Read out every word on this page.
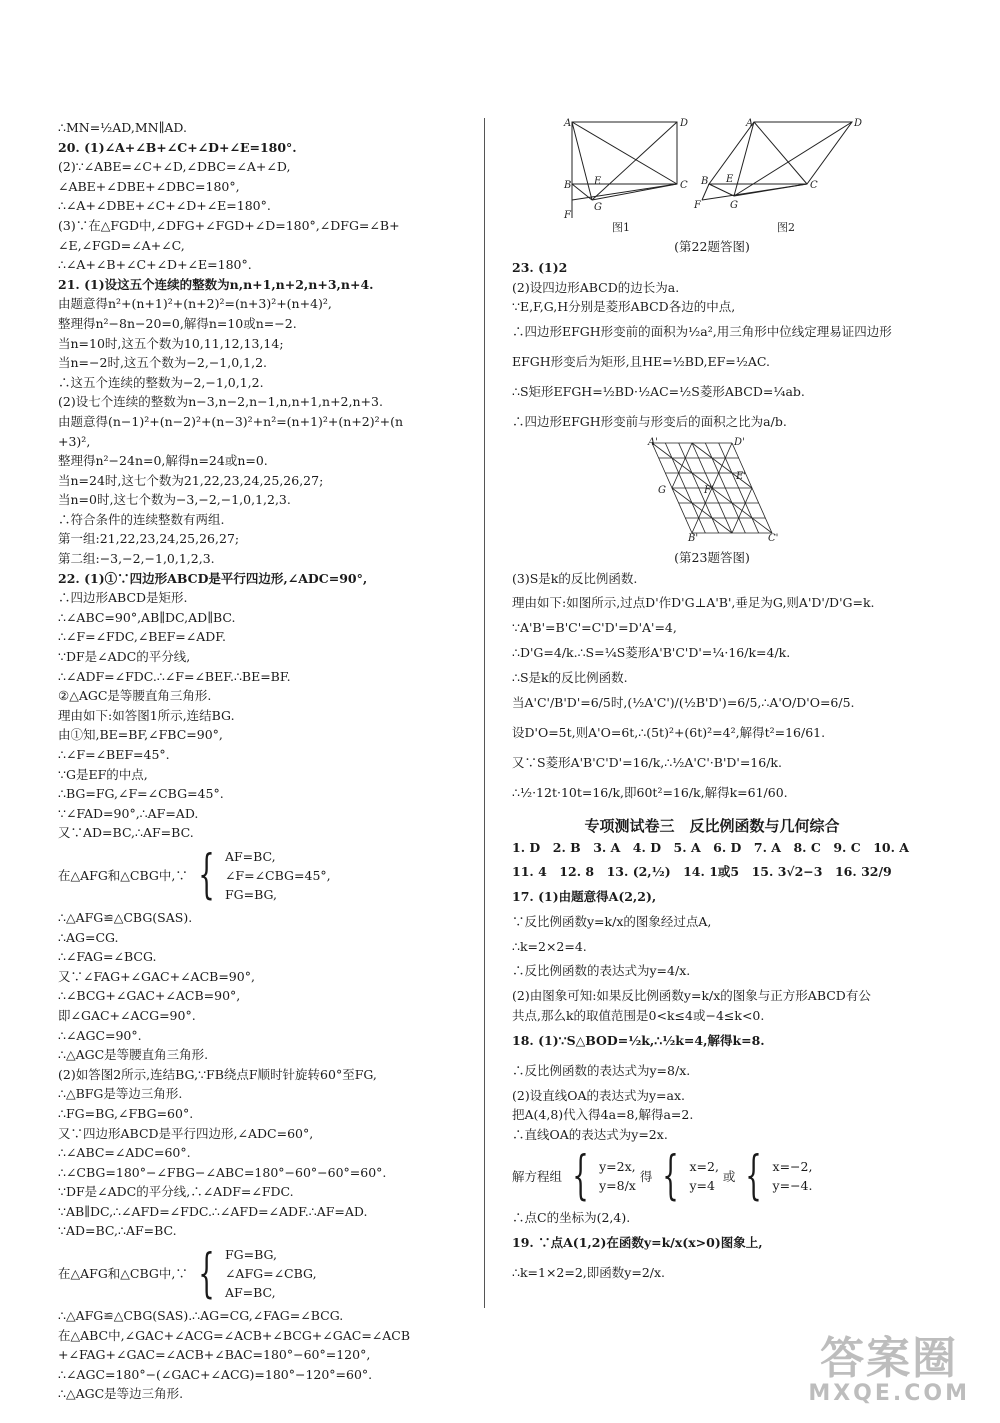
∴MN=½AD,MN∥AD.
20. (1)∠A+∠B+∠C+∠D+∠E=180°.
(2)∵∠ABE=∠C+∠D,∠DBC=∠A+∠D,
∠ABE+∠DBE+∠DBC=180°,
∴∠A+∠DBE+∠C+∠D+∠E=180°.
(3)∵在△FGD中,∠DFG+∠FGD+∠D=180°,∠DFG=∠B+
∠E,∠FGD=∠A+∠C,
∴∠A+∠B+∠C+∠D+∠E=180°.
21. (1)设这五个连续的整数为n,n+1,n+2,n+3,n+4.
由题意得n²+(n+1)²+(n+2)²=(n+3)²+(n+4)²,
整理得n²−8n−20=0,解得n=10或n=−2.
当n=10时,这五个数为10,11,12,13,14;
当n=−2时,这五个数为−2,−1,0,1,2.
∴这五个连续的整数为−2,−1,0,1,2.
(2)设七个连续的整数为n−3,n−2,n−1,n,n+1,n+2,n+3.
由题意得(n−1)²+(n−2)²+(n−3)²+n²=(n+1)²+(n+2)²+(n
+3)²,
整理得n²−24n=0,解得n=24或n=0.
当n=24时,这七个数为21,22,23,24,25,26,27;
当n=0时,这七个数为−3,−2,−1,0,1,2,3.
∴符合条件的连续整数有两组.
第一组:21,22,23,24,25,26,27;
第二组:−3,−2,−1,0,1,2,3.
22. (1)①∵四边形ABCD是平行四边形,∠ADC=90°,
∴四边形ABCD是矩形.
∴∠ABC=90°,AB∥DC,AD∥BC.
∴∠F=∠FDC,∠BEF=∠ADF.
∵DF是∠ADC的平分线,
∴∠ADF=∠FDC.∴∠F=∠BEF.∴BE=BF.
②△AGC是等腰直角三角形.
理由如下:如答图1所示,连结BG.
由①知,BE=BF,∠FBC=90°,
∴∠F=∠BEF=45°.
∵G是EF的中点,
∴BG=FG,∠F=∠CBG=45°.
∵∠FAD=90°,∴AF=AD.
又∵AD=BC,∴AF=BC.
在△AFG和△CBG中,∵ { AF=BC,
∠F=∠CBG=45°,
FG=BG,
∴△AFG≌△CBG(SAS).
∴AG=CG.
∴∠FAG=∠BCG.
又∵∠FAG+∠GAC+∠ACB=90°,
∴∠BCG+∠GAC+∠ACB=90°,
即∠GAC+∠ACG=90°.
∴∠AGC=90°.
∴△AGC是等腰直角三角形.
(2)如答图2所示,连结BG,∵FB绕点F顺时针旋转60°至FG,
∴△BFG是等边三角形.
∴FG=BG,∠FBG=60°.
又∵四边形ABCD是平行四边形,∠ADC=60°,
∴∠ABC=∠ADC=60°.
∴∠CBG=180°−∠FBG−∠ABC=180°−60°−60°=60°.
∵DF是∠ADC的平分线,∴∠ADF=∠FDC.
∵AB∥DC,∴∠AFD=∠FDC.∴∠AFD=∠ADF.∴AF=AD.
∵AD=BC,∴AF=BC.
在△AFG和△CBG中,∵ { FG=BG,
∠AFG=∠CBG,
AF=BC,
∴△AFG≌△CBG(SAS).∴AG=CG,∠FAG=∠BCG.
在△ABC中,∠GAC+∠ACG=∠ACB+∠BCG+∠GAC=∠ACB
+∠FAG+∠GAC=∠ACB+∠BAC=180°−60°=120°,
∴∠AGC=180°−(∠GAC+∠ACG)=180°−120°=60°.
∴△AGC是等边三角形.
A	D
B E	C
F
G
A	D
B E
C
F	G
图1	图2
(第22题答图)
23. (1)2
(2)设四边形ABCD的边长为a.
∵E,F,G,H分别是菱形ABCD各边的中点,
∴四边形EFGH形变前的面积为½a²,用三角形中位线定理易证四边形
EFGH形变后为矩形,且HE=½BD,EF=½AC.
∴S矩形EFGH=½BD·½AC=½S菱形ABCD=¼ab.
∴四边形EFGH形变前与形变后的面积之比为a/b.
A'	D'
E'
F'
G
B'	C'
(第23题答图)
(3)S是k的反比例函数.
理由如下:如图所示,过点D'作D'G⊥A'B',垂足为G,则A'D'/D'G=k.
∵A'B'=B'C'=C'D'=D'A'=4,
∴D'G=4/k.∴S=¼S菱形A'B'C'D'=¼·16/k=4/k.
∴S是k的反比例函数.
当A'C'/B'D'=6/5时,(½A'C')/(½B'D')=6/5,∴A'O/D'O=6/5.
设D'O=5t,则A'O=6t,∴(5t)²+(6t)²=4²,解得t²=16/61.
又∵S菱形A'B'C'D'=16/k,∴½A'C'·B'D'=16/k.
∴½·12t·10t=16/k,即60t²=16/k,解得k=61/60.
专项测试卷三　反比例函数与几何综合
1. D　2. B　3. A　4. D　5. A　6. D　7. A　8. C　9. C　10. A
11. 4　12. 8　13. (2,½)　14. 1或5　15. 3√2−3　16. 32/9
17. (1)由题意得A(2,2),
∵反比例函数y=k/x的图象经过点A,
∴k=2×2=4.
∴反比例函数的表达式为y=4/x.
(2)由图象可知:如果反比例函数y=k/x的图象与正方形ABCD有公
共点,那么k的取值范围是0<k≤4或−4≤k<0.
18. (1)∵S△BOD=½k,∴½k=4,解得k=8.
∴反比例函数的表达式为y=8/x.
(2)设直线OA的表达式为y=ax.
把A(4,8)代入得4a=8,解得a=2.
∴直线OA的表达式为y=2x.
解方程组 { y=2x,
y=8/x
得 { x=2,
y=4
或 { x=−2,
y=−4.
∴点C的坐标为(2,4).
19. ∵点A(1,2)在函数y=k/x(x>0)图象上,
∴k=1×2=2,即函数y=2/x.
答案圈
MXQE.COM
